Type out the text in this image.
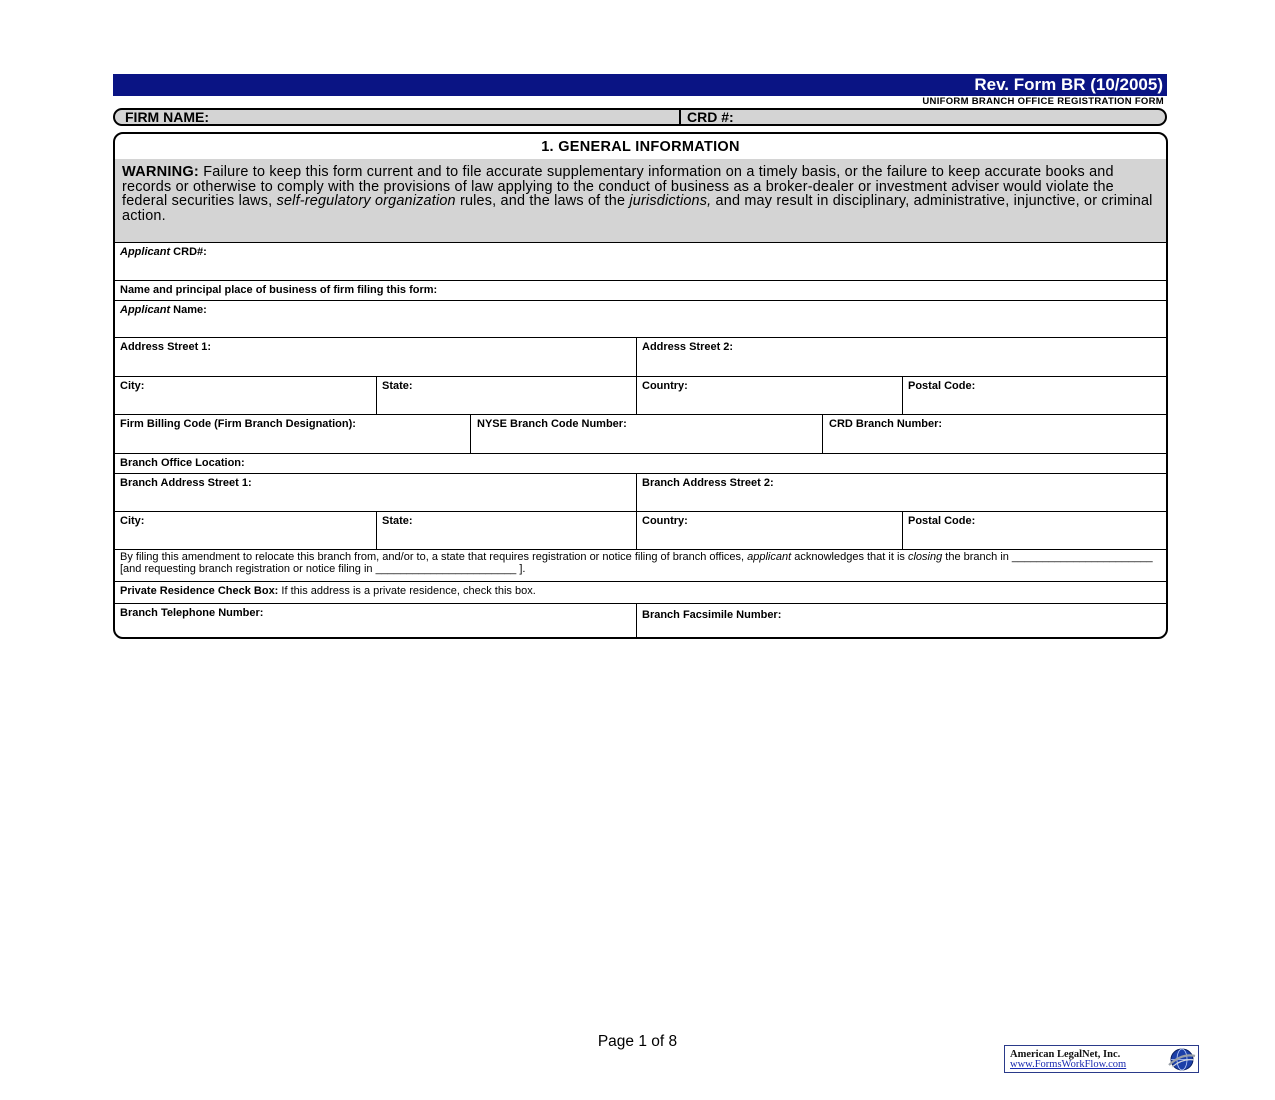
Rev. Form BR (10/2005)
UNIFORM BRANCH OFFICE REGISTRATION FORM
FIRM NAME:	CRD #:
1. GENERAL INFORMATION
WARNING: Failure to keep this form current and to file accurate supplementary information on a timely basis, or the failure to keep accurate books and records or otherwise to comply with the provisions of law applying to the conduct of business as a broker-dealer or investment adviser would violate the federal securities laws, self-regulatory organization rules, and the laws of the jurisdictions, and may result in disciplinary, administrative, injunctive, or criminal action.
Applicant CRD#:
Name and principal place of business of firm filing this form:
Applicant Name:
Address Street 1:	Address Street 2:
City:	State:	Country:	Postal Code:
Firm Billing Code (Firm Branch Designation):	NYSE Branch Code Number:	CRD Branch Number:
Branch Office Location:
Branch Address Street 1:	Branch Address Street 2:
City:	State:	Country:	Postal Code:
By filing this amendment to relocate this branch from, and/or to, a state that requires registration or notice filing of branch offices, applicant acknowledges that it is closing the branch in _______________________ [and requesting branch registration or notice filing in _______________________ ].
Private Residence Check Box: If this address is a private residence, check this box.
Branch Telephone Number:	Branch Facsimile Number:
Page 1 of 8
American LegalNet, Inc.
www.FormsWorkFlow.com
